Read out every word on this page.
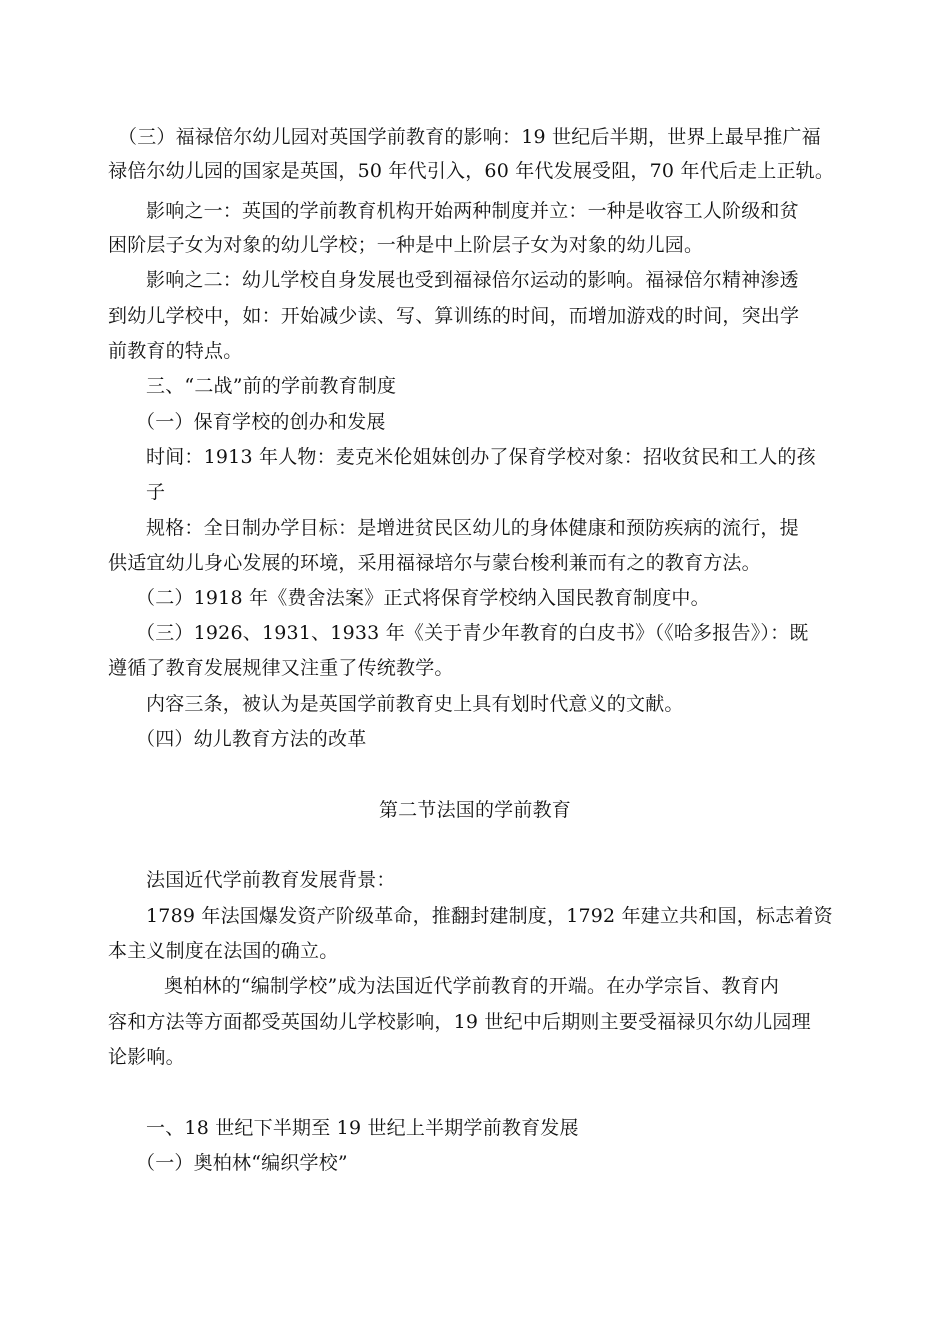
（三）福禄倍尔幼儿园对英国学前教育的影响：19 世纪后半期，世界上最早推广福
禄倍尔幼儿园的国家是英国，50 年代引入，60 年代发展受阻，70 年代后走上正轨。
影响之一：英国的学前教育机构开始两种制度并立：一种是收容工人阶级和贫
困阶层子女为对象的幼儿学校；一种是中上阶层子女为对象的幼儿园。
影响之二：幼儿学校自身发展也受到福禄倍尔运动的影响。福禄倍尔精神渗透
到幼儿学校中，如：开始减少读、写、算训练的时间，而增加游戏的时间，突出学
前教育的特点。
三、“二战”前的学前教育制度
（一）保育学校的创办和发展
时间：1913 年人物：麦克米伦姐妹创办了保育学校对象：招收贫民和工人的孩
子
规格：全日制办学目标：是增进贫民区幼儿的身体健康和预防疾病的流行，提
供适宜幼儿身心发展的环境，采用福禄培尔与蒙台梭利兼而有之的教育方法。
（二）1918 年《费舍法案》正式将保育学校纳入国民教育制度中。
（三）1926、1931、1933 年《关于青少年教育的白皮书》（《哈多报告》）：既
遵循了教育发展规律又注重了传统教学。
内容三条，被认为是英国学前教育史上具有划时代意义的文献。
（四）幼儿教育方法的改革
第二节法国的学前教育
法国近代学前教育发展背景：
1789 年法国爆发资产阶级革命，推翻封建制度，1792 年建立共和国，标志着资
本主义制度在法国的确立。
奥柏林的“编制学校”成为法国近代学前教育的开端。在办学宗旨、教育内
容和方法等方面都受英国幼儿学校影响，19 世纪中后期则主要受福禄贝尔幼儿园理
论影响。
一、18 世纪下半期至 19 世纪上半期学前教育发展
（一）奥柏林“编织学校”
